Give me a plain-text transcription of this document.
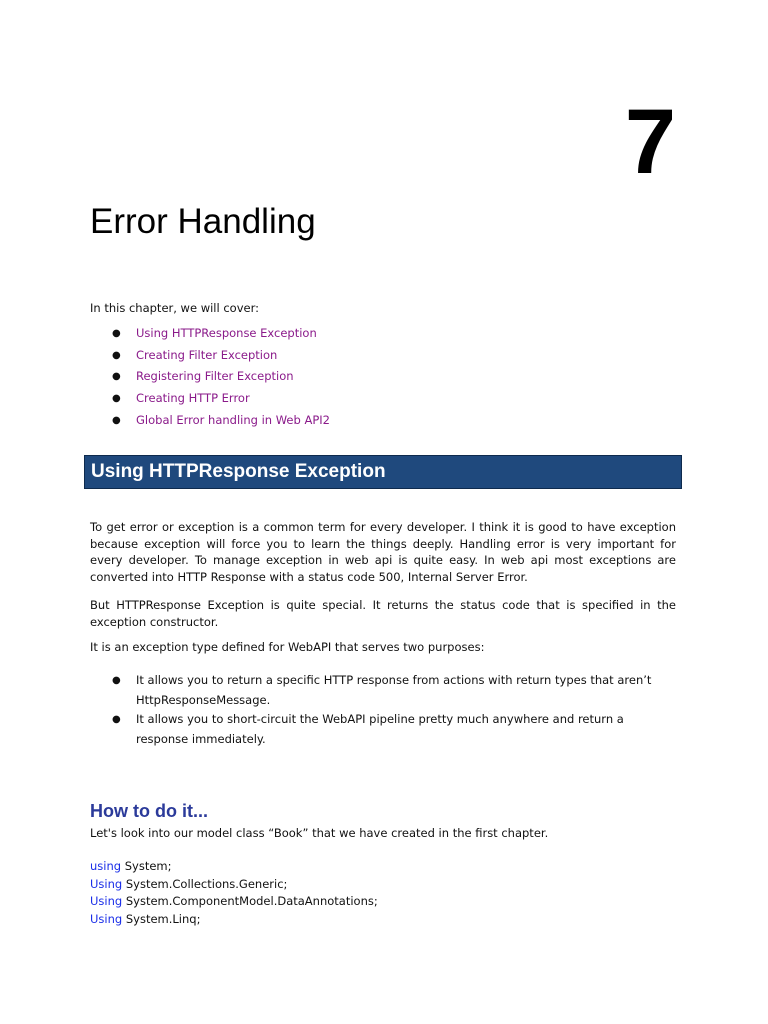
7
Error Handling
In this chapter, we will cover:
● Using HTTPResponse Exception
● Creating Filter Exception
● Registering Filter Exception
● Creating HTTP Error
● Global Error handling in Web API2
Using HTTPResponse Exception

To get error or exception is a common term for every developer. I think it is good to have exception because exception will force you to learn the things deeply. Handling error is very important for every developer. To manage exception in web api is quite easy. In web api most exceptions are converted into HTTP Response with a status code 500, Internal Server Error.

But HTTPResponse Exception is quite special. It returns the status code that is specified in the exception constructor.

It is an exception type defined for WebAPI that serves two purposes:

● It allows you to return a specific HTTP response from actions with return types that aren’t HttpResponseMessage.
● It allows you to short-circuit the WebAPI pipeline pretty much anywhere and return a response immediately.
How to do it...

Let's look into our model class “Book” that we have created in the first chapter.

using System;
Using System.Collections.Generic;
Using System.ComponentModel.DataAnnotations;
Using System.Linq;
